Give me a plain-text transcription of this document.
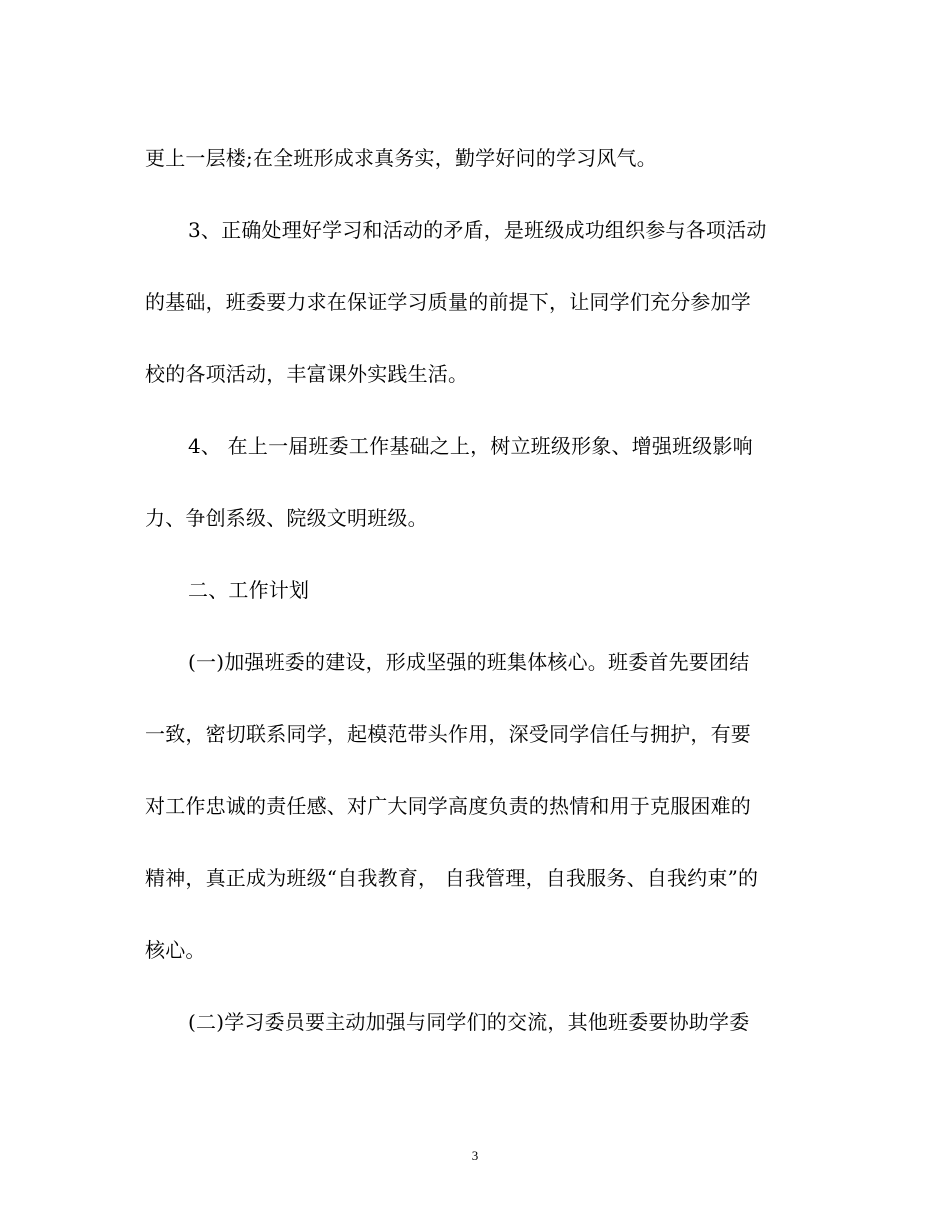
更上一层楼;在全班形成求真务实，勤学好问的学习风气。
3、正确处理好学习和活动的矛盾，是班级成功组织参与各项活动
的基础，班委要力求在保证学习质量的前提下，让同学们充分参加学
校的各项活动，丰富课外实践生活。
4、 在上一届班委工作基础之上，树立班级形象、增强班级影响
力、争创系级、院级文明班级。
二、工作计划
(一)加强班委的建设，形成坚强的班集体核心。班委首先要团结
一致，密切联系同学，起模范带头作用，深受同学信任与拥护，有要
对工作忠诚的责任感、对广大同学高度负责的热情和用于克服困难的
精神，真正成为班级“自我教育， 自我管理，自我服务、自我约束”的
核心。
(二)学习委员要主动加强与同学们的交流，其他班委要协助学委
3
